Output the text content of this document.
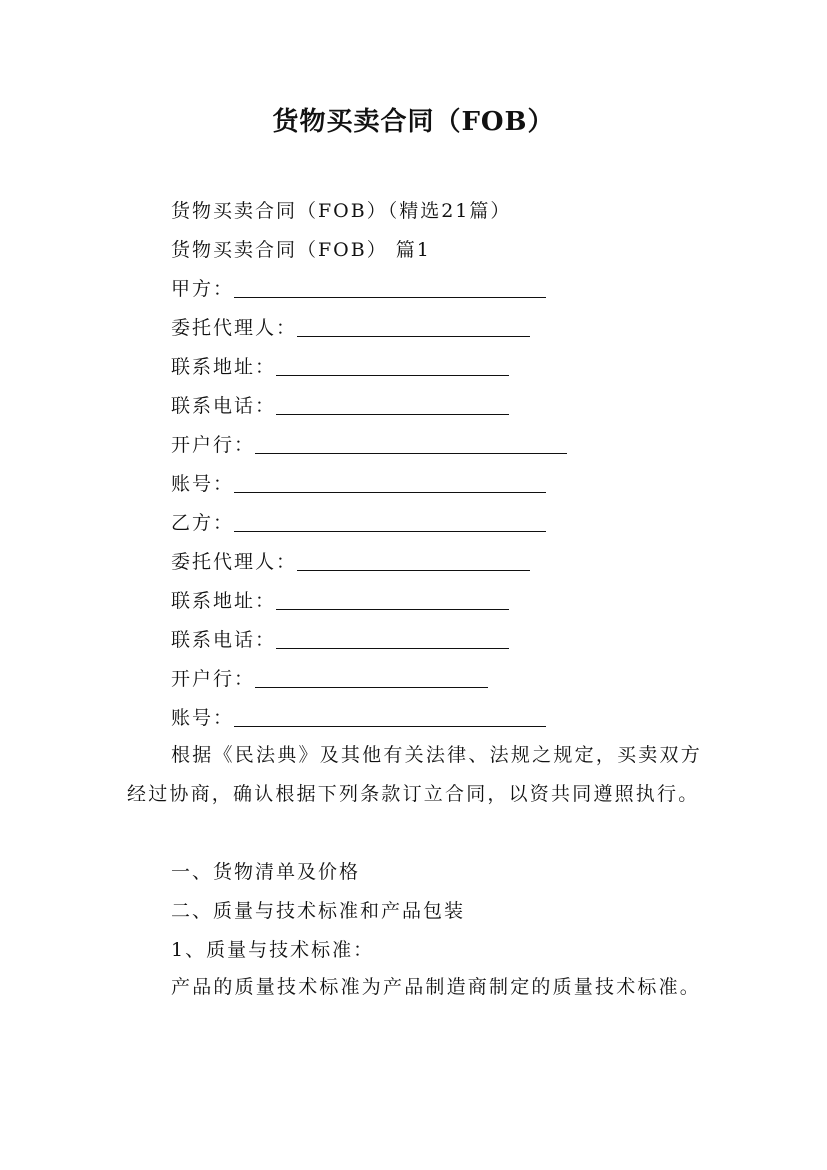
货物买卖合同（FOB）
货物买卖合同（FOB）（精选21篇）
货物买卖合同（FOB） 篇1
甲方：
委托代理人：
联系地址：
联系电话：
开户行：
账号：
乙方：
委托代理人：
联系地址：
联系电话：
开户行：
账号：

根据《民法典》及其他有关法律、法规之规定，买卖双方经过协商，确认根据下列条款订立合同，以资共同遵照执行。

一、货物清单及价格
二、质量与技术标准和产品包装
1、质量与技术标准：

产品的质量技术标准为产品制造商制定的质量技术标准。
